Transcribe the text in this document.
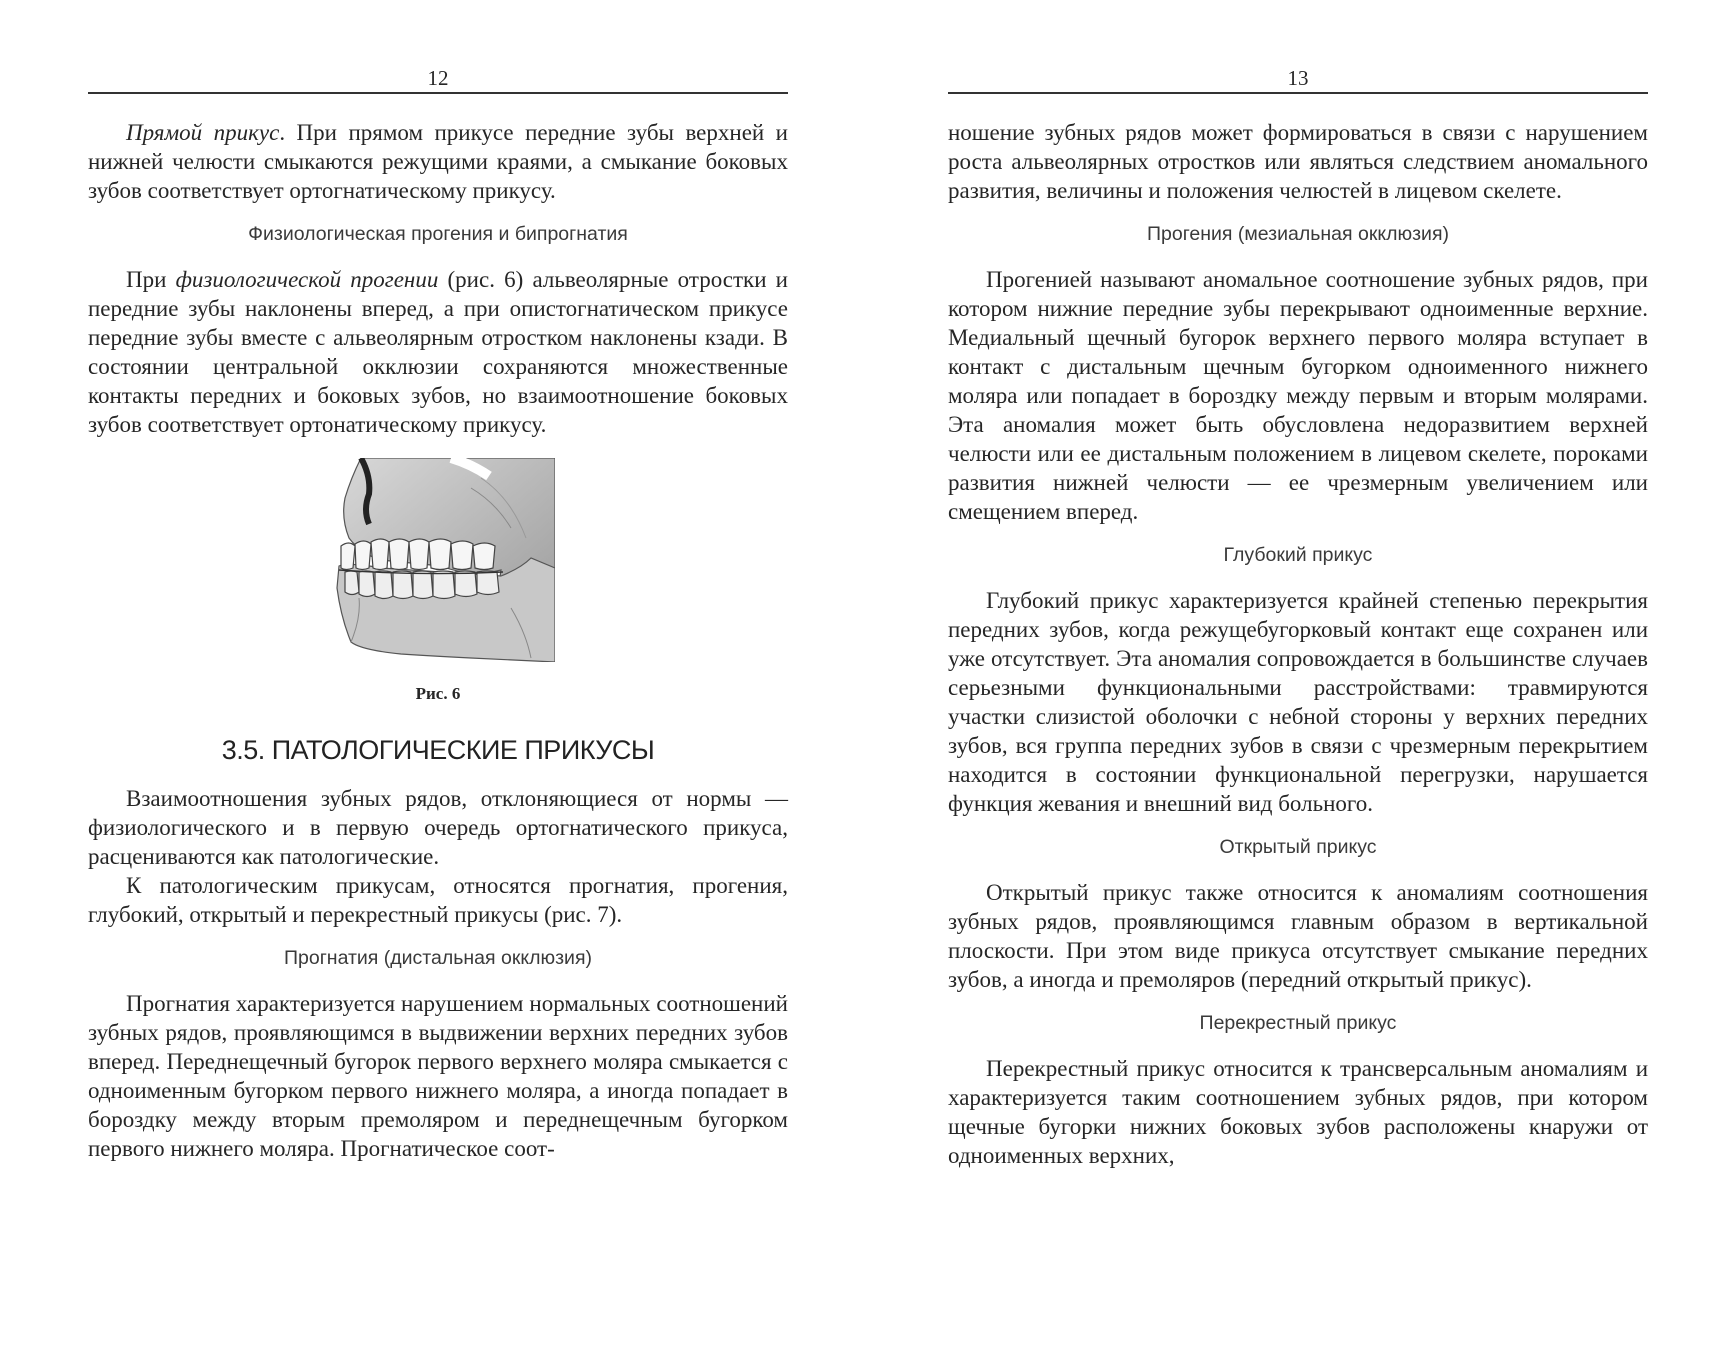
12

Прямой прикус. При прямом прикусе передние зубы верхней и нижней челюсти смыкаются режущими краями, а смыкание боковых зубов соответствует ортогнатическому прикусу.

Физиологическая прогения и бипрогнатия

При физиологической прогении (рис. 6) альвеолярные отростки и передние зубы наклонены вперед, а при опистогнатическом прикусе передние зубы вместе с альвеолярным отростком наклонены кзади. В состоянии центральной окклюзии сохраняются множественные контакты передних и боковых зубов, но взаимоотношение боковых зубов соответствует ортонатическому прикусу.

Рис. 6
3.5. ПАТОЛОГИЧЕСКИЕ ПРИКУСЫ

Взаимоотношения зубных рядов, отклоняющиеся от нормы — физиологического и в первую очередь ортогнатического прикуса, расцениваются как патологические.

К патологическим прикусам, относятся прогнатия, прогения, глубокий, открытый и перекрестный прикусы (рис. 7).

Прогнатия (дистальная окклюзия)

Прогнатия характеризуется нарушением нормальных соотношений зубных рядов, проявляющимся в выдвижении верхних передних зубов вперед. Переднещечный бугорок первого верхнего моляра смыкается с одноименным бугорком первого нижнего моляра, а иногда попадает в бороздку между вторым премоляром и переднещечным бугорком первого нижнего моляра. Прогнатическое соот-

13

ношение зубных рядов может формироваться в связи с нарушением роста альвеолярных отростков или являться следствием аномального развития, величины и положения челюстей в лицевом скелете.

Прогения (мезиальная окклюзия)

Прогенией называют аномальное соотношение зубных рядов, при котором нижние передние зубы перекрывают одноименные верхние. Медиальный щечный бугорок верхнего первого моляра вступает в контакт с дистальным щечным бугорком одноименного нижнего моляра или попадает в бороздку между первым и вторым молярами. Эта аномалия может быть обусловлена недоразвитием верхней челюсти или ее дистальным положением в лицевом скелете, пороками развития нижней челюсти — ее чрезмерным увеличением или смещением вперед.

Глубокий прикус

Глубокий прикус характеризуется крайней степенью перекрытия передних зубов, когда режущебугорковый контакт еще сохранен или уже отсутствует. Эта аномалия сопровождается в большинстве случаев серьезными функциональными расстройствами: травмируются участки слизистой оболочки с небной стороны у верхних передних зубов, вся группа передних зубов в связи с чрезмерным перекрытием находится в состоянии функциональной перегрузки, нарушается функция жевания и внешний вид больного.

Открытый прикус

Открытый прикус также относится к аномалиям соотношения зубных рядов, проявляющимся главным образом в вертикальной плоскости. При этом виде прикуса отсутствует смыкание передних зубов, а иногда и премоляров (передний открытый прикус).

Перекрестный прикус

Перекрестный прикус относится к трансверсальным аномалиям и характеризуется таким соотношением зубных рядов, при котором щечные бугорки нижних боковых зубов расположены кнаружи от одноименных верхних,
